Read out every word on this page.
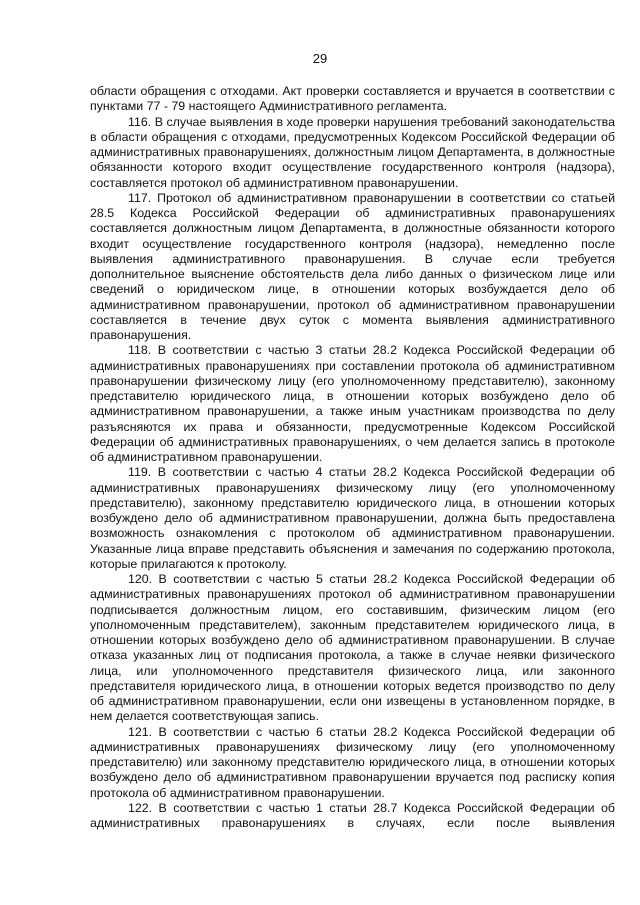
29

области обращения с отходами. Акт проверки составляется и вручается в соответствии с пунктами 77 - 79 настоящего Административного регламента.

116. В случае выявления в ходе проверки нарушения требований законодательства в области обращения с отходами, предусмотренных Кодексом Российской Федерации об административных правонарушениях, должностным лицом Департамента, в должностные обязанности которого входит осуществление государственного контроля (надзора), составляется протокол об административном правонарушении.

117. Протокол об административном правонарушении в соответствии со статьей 28.5 Кодекса Российской Федерации об административных правонарушениях составляется должностным лицом Департамента, в должностные обязанности которого входит осуществление государственного контроля (надзора), немедленно после выявления административного правонарушения. В случае если требуется дополнительное выяснение обстоятельств дела либо данных о физическом лице или сведений о юридическом лице, в отношении которых возбуждается дело об административном правонарушении, протокол об административном правонарушении составляется в течение двух суток с момента выявления административного правонарушения.

118. В соответствии с частью 3 статьи 28.2 Кодекса Российской Федерации об административных правонарушениях при составлении протокола об административном правонарушении физическому лицу (его уполномоченному представителю), законному представителю юридического лица, в отношении которых возбуждено дело об административном правонарушении, а также иным участникам производства по делу разъясняются их права и обязанности, предусмотренные Кодексом Российской Федерации об административных правонарушениях, о чем делается запись в протоколе об административном правонарушении.

119. В соответствии с частью 4 статьи 28.2 Кодекса Российской Федерации об административных правонарушениях физическому лицу (его уполномоченному представителю), законному представителю юридического лица, в отношении которых возбуждено дело об административном правонарушении, должна быть предоставлена возможность ознакомления с протоколом об административном правонарушении. Указанные лица вправе представить объяснения и замечания по содержанию протокола, которые прилагаются к протоколу.

120. В соответствии с частью 5 статьи 28.2 Кодекса Российской Федерации об административных правонарушениях протокол об административном правонарушении подписывается должностным лицом, его составившим, физическим лицом (его уполномоченным представителем), законным представителем юридического лица, в отношении которых возбуждено дело об административном правонарушении. В случае отказа указанных лиц от подписания протокола, а также в случае неявки физического лица, или уполномоченного представителя физического лица, или законного представителя юридического лица, в отношении которых ведется производство по делу об административном правонарушении, если они извещены в установленном порядке, в нем делается соответствующая запись.

121. В соответствии с частью 6 статьи 28.2 Кодекса Российской Федерации об административных правонарушениях физическому лицу (его уполномоченному представителю) или законному представителю юридического лица, в отношении которых возбуждено дело об административном правонарушении вручается под расписку копия протокола об административном правонарушении.

122. В соответствии с частью 1 статьи 28.7 Кодекса Российской Федерации об административных правонарушениях в случаях, если после выявления
